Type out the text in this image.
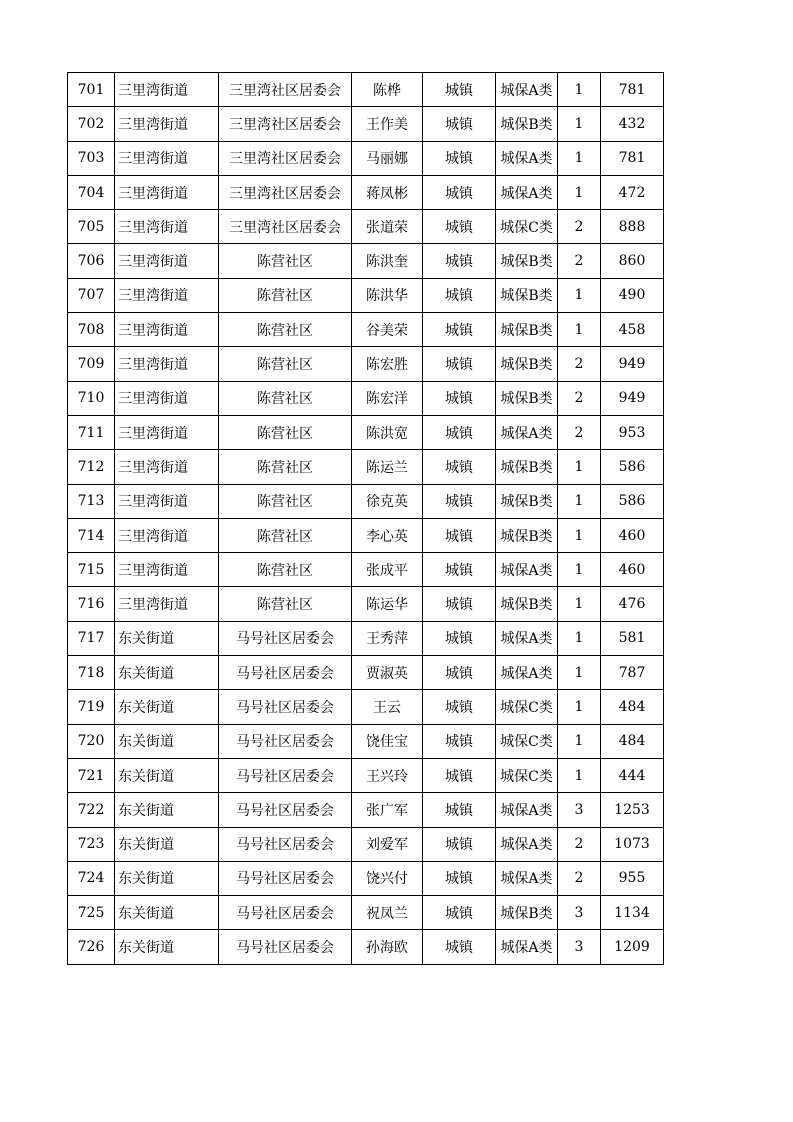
701	三里湾街道	三里湾社区居委会	陈桦	城镇	城保A类	1	781
702	三里湾街道	三里湾社区居委会	王作美	城镇	城保B类	1	432
703	三里湾街道	三里湾社区居委会	马丽娜	城镇	城保A类	1	781
704	三里湾街道	三里湾社区居委会	蒋凤彬	城镇	城保A类	1	472
705	三里湾街道	三里湾社区居委会	张道荣	城镇	城保C类	2	888
706	三里湾街道	陈营社区	陈洪奎	城镇	城保B类	2	860
707	三里湾街道	陈营社区	陈洪华	城镇	城保B类	1	490
708	三里湾街道	陈营社区	谷美荣	城镇	城保B类	1	458
709	三里湾街道	陈营社区	陈宏胜	城镇	城保B类	2	949
710	三里湾街道	陈营社区	陈宏洋	城镇	城保B类	2	949
711	三里湾街道	陈营社区	陈洪宽	城镇	城保A类	2	953
712	三里湾街道	陈营社区	陈运兰	城镇	城保B类	1	586
713	三里湾街道	陈营社区	徐克英	城镇	城保B类	1	586
714	三里湾街道	陈营社区	李心英	城镇	城保B类	1	460
715	三里湾街道	陈营社区	张成平	城镇	城保A类	1	460
716	三里湾街道	陈营社区	陈运华	城镇	城保B类	1	476
717	东关街道	马号社区居委会	王秀萍	城镇	城保A类	1	581
718	东关街道	马号社区居委会	贾淑英	城镇	城保A类	1	787
719	东关街道	马号社区居委会	王云	城镇	城保C类	1	484
720	东关街道	马号社区居委会	饶佳宝	城镇	城保C类	1	484
721	东关街道	马号社区居委会	王兴玲	城镇	城保C类	1	444
722	东关街道	马号社区居委会	张广军	城镇	城保A类	3	1253
723	东关街道	马号社区居委会	刘爱军	城镇	城保A类	2	1073
724	东关街道	马号社区居委会	饶兴付	城镇	城保A类	2	955
725	东关街道	马号社区居委会	祝凤兰	城镇	城保B类	3	1134
726	东关街道	马号社区居委会	孙海欧	城镇	城保A类	3	1209
